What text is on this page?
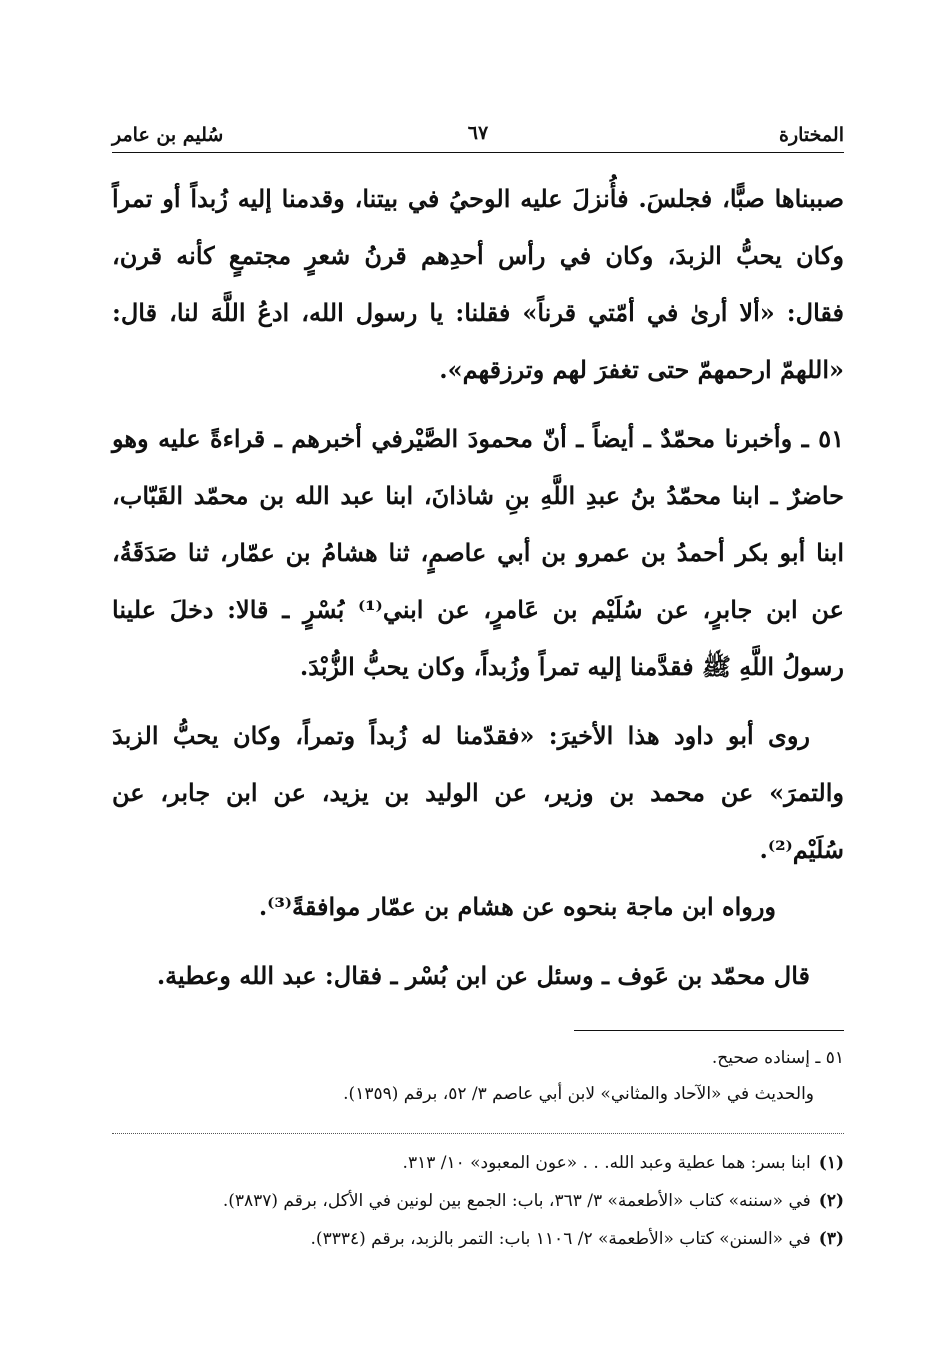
المختارة
٦٧
سُليم بن عامر

صببناها صبًّا، فجلسَ. فأُنزلَ عليه الوحيُ في بيتنا، وقدمنا إليه زُبداً أو تمراً وكان يحبُّ الزبدَ، وكان في رأس أحدِهم قرنُ شعرٍ مجتمعٍ كأنه قرن، فقال: «ألا أرىٰ في أمّتي قرناً» فقلنا: يا رسول الله، ادعُ اللَّهَ لنا، قال: «اللهمّ ارحمهمّ حتى تغفرَ لهم وترزقهم».

٥١ ـ وأخبرنا محمّدٌ ـ أيضاً ـ أنّ محمودَ الصَّيْرفي أخبرهم ـ قراءةً عليه وهو حاضرٌ ـ ابنا محمّدُ بنُ عبدِ اللَّهِ بنِ شاذانَ، ابنا عبد الله بن محمّد القَبّاب، ابنا أبو بكر أحمدُ بن عمرو بن أبي عاصمٍ، ثنا هشامُ بن عمّار، ثنا صَدَقَةُ، عن ابن جابرٍ، عن سُلَيْم بن عَامرٍ، عن ابني⁽¹⁾ بُسْرٍ ـ قالا: دخلَ علينا رسولُ اللَّهِ ﷺ فقدَّمنا إليه تمراً وزُبداً، وكان يحبُّ الزُّبْدَ.

روى أبو داود هذا الأخيرَ: «فقدّمنا له زُبداً وتمراً، وكان يحبُّ الزبدَ والتمرَ» عن محمد بن وزير، عن الوليد بن يزيد، عن ابن جابر، عن سُلَيْم⁽²⁾.

ورواه ابن ماجة بنحوه عن هشام بن عمّار موافقةً⁽³⁾.

قال محمّد بن عَوف ـ وسئل عن ابن بُسْر ـ فقال: عبد الله وعطية.

٥١ ـ إسناده صحيح.

والحديث في «الآحاد والمثاني» لابن أبي عاصم ٣/ ٥٢، برقم (١٣٥٩).

(١)ابنا بسر: هما عطية وعبد الله. . . «عون المعبود» ١٠/ ٣١٣.

(٢)في «سننه» كتاب «الأطعمة» ٣/ ٣٦٣، باب: الجمع بين لونين في الأكل، برقم (٣٨٣٧).

(٣)في «السنن» كتاب «الأطعمة» ٢/ ١١٠٦ باب: التمر بالزبد، برقم (٣٣٣٤).
